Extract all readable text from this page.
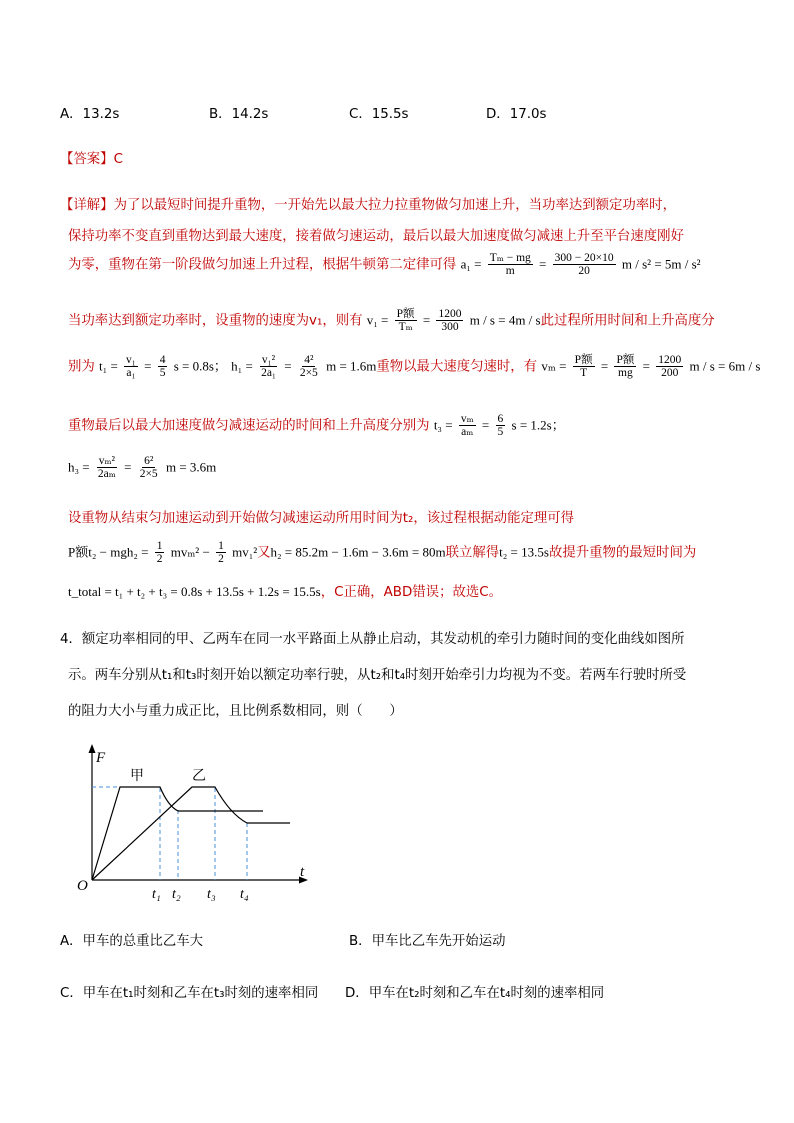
A．13.2s	B．14.2s	C．15.5s	D．17.0s
【答案】C
【详解】为了以最短时间提升重物，一开始先以最大拉力拉重物做匀加速上升，当功率达到额定功率时，
保持功率不变直到重物达到最大速度，接着做匀速运动，最后以最大加速度做匀减速上升至平台速度刚好
为零，重物在第一阶段做匀加速上升过程，根据牛顿第二定律可得 $a_1 = \frac{\text{Tₘ − mg}}{m} = \frac{300 - 20\times 10}{20}$ m / s² = 5m / s²
当功率达到额定功率时，设重物的速度为v₁，则有 $v_1 = \frac{\text{P额}}{\text{Tₘ}} = \frac{1200}{300}$ m / s = 4m / s此过程所用时间和上升高度分
别为 $t_1 = \frac{\text{v₁}}{\text{a₁}} = \frac{4}{5}$ s = 0.8s； $h_1 = \frac{\text{v₁²}}{\text{2a₁}} = \frac{\text{4²}}{2\times 5}$ m = 1.6m重物以最大速度匀速时，有 $v_m = \frac{\text{P额}}{T} = \frac{\text{P额}}{mg} = \frac{1200}{200}$ m / s = 6m / s
重物最后以最大加速度做匀减速运动的时间和上升高度分别为 $t_3 = \frac{\text{vₘ}}{\text{aₘ}} = \frac{6}{5}$ s = 1.2s；
$h_3 = \frac{\text{vₘ²}}{\text{2aₘ}} = \frac{\text{6²}}{2\times 5}$ m = 3.6m
设重物从结束匀加速运动到开始做匀减速运动所用时间为t₂，该过程根据动能定理可得
P额$t_2 - mgh_2 = \frac{1}{2} mv_m^2 - \frac{1}{2} mv_1^2$又h₂ = 85.2m − 1.6m − 3.6m = 80m联立解得t₂ = 13.5s故提升重物的最短时间为
t_total = t₁ + t₂ + t₃ = 0.8s + 13.5s + 1.2s = 15.5s，C正确，ABD错误；故选C。
4．额定功率相同的甲、乙两车在同一水平路面上从静止启动，其发动机的牵引力随时间的变化曲线如图所
示。两车分别从t₁和t₃时刻开始以额定功率行驶，从t₂和t₄时刻开始牵引力均视为不变。若两车行驶时所受
的阻力大小与重力成正比，且比例系数相同，则（　　）
F
t
O
甲	乙
t₁ t₂ t₃ t₄
A．甲车的总重比乙车大	B．甲车比乙车先开始运动
C．甲车在t₁时刻和乙车在t₃时刻的速率相同 D．甲车在t₂时刻和乙车在t₄时刻的速率相同
